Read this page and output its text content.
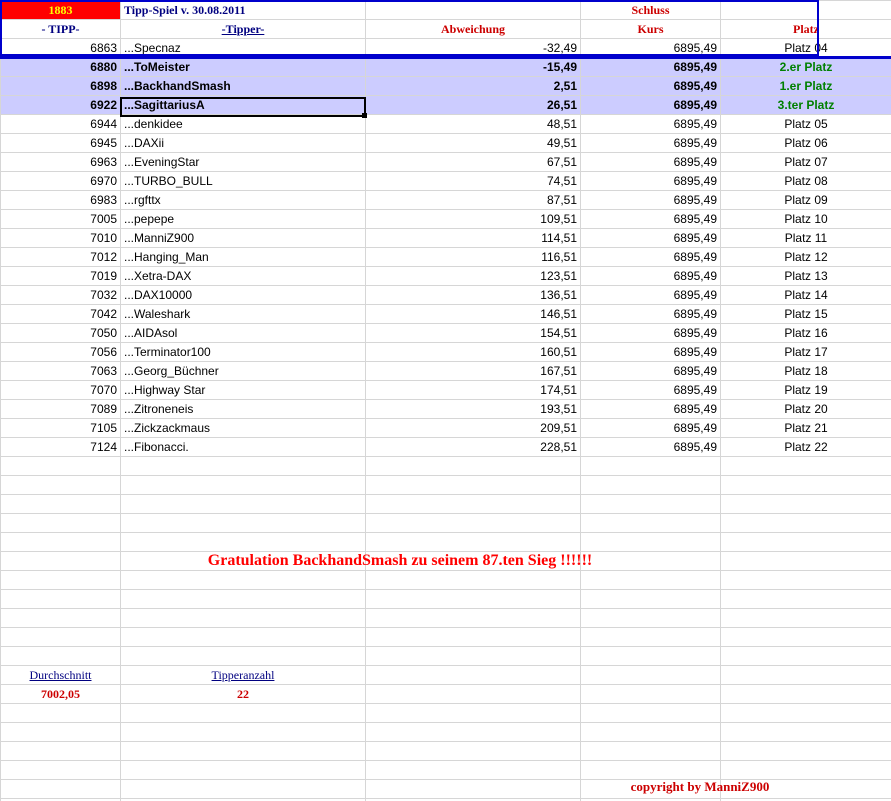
1883	Tipp-Spiel v. 30.08.2011		Schluss	
- TIPP-	-Tipper-	Abweichung	Kurs	Platz
6863	...Specnaz	-32,49	6895,49	Platz 04
6880	...ToMeister	-15,49	6895,49	2.er Platz
6898	...BackhandSmash	2,51	6895,49	1.er Platz
6922	...SagittariusA	26,51	6895,49	3.ter Platz
6944	...denkidee	48,51	6895,49	Platz 05
6945	...DAXii	49,51	6895,49	Platz 06
6963	...EveningStar	67,51	6895,49	Platz 07
6970	...TURBO_BULL	74,51	6895,49	Platz 08
6983	...rgfttx	87,51	6895,49	Platz 09
7005	...pepepe	109,51	6895,49	Platz 10
7010	...ManniZ900	114,51	6895,49	Platz 11
7012	...Hanging_Man	116,51	6895,49	Platz 12
7019	...Xetra-DAX	123,51	6895,49	Platz 13
7032	...DAX10000	136,51	6895,49	Platz 14
7042	...Waleshark	146,51	6895,49	Platz 15
7050	...AIDAsol	154,51	6895,49	Platz 16
7056	...Terminator100	160,51	6895,49	Platz 17
7063	...Georg_Büchner	167,51	6895,49	Platz 18
7070	...Highway Star	174,51	6895,49	Platz 19
7089	...Zitroneneis	193,51	6895,49	Platz 20
7105	...Zickzackmaus	209,51	6895,49	Platz 21
7124	...Fibonacci.	228,51	6895,49	Platz 22

Durchschnitt	Tipperanzahl			
7002,05	22			

Gratulation BackhandSmash zu seinem 87.ten Sieg !!!!!!
copyright by ManniZ900
